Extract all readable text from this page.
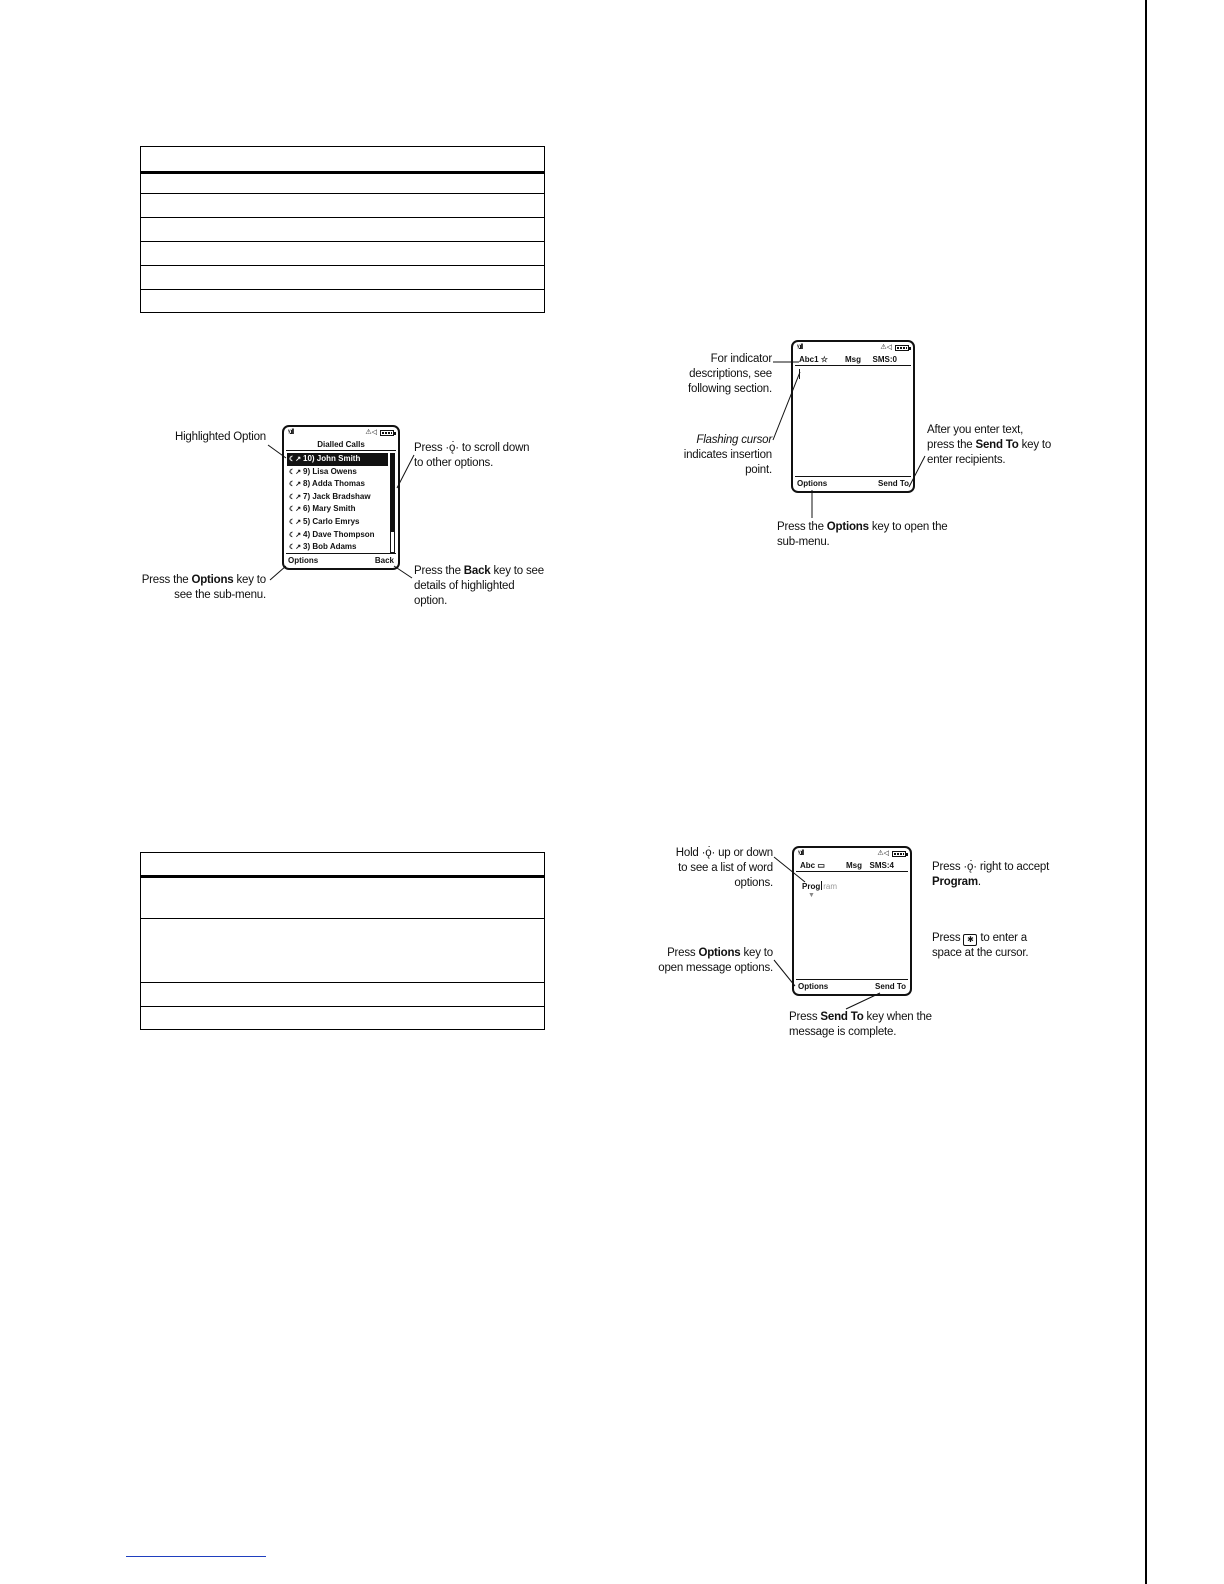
ᵞ.ıll	⚠◁
Dialled Calls
☾↗ 10) John Smith
☾↗ 9) Lisa Owens
☾↗ 8) Adda Thomas
☾↗ 7) Jack Bradshaw
☾↗ 6) Mary Smith
☾↗ 5) Carlo Emrys
☾↗ 4) Dave Thompson
☾↗ 3) Bob Adams
Options	Back
Highlighted Option
Press ·ǫ̇· to scroll down
to other options.
Press the Options key to
see the sub-menu.
Press the Back key to see
details of highlighted
option.
ᵞ.ıll	⚠◁
Abc1 ☆ Msg SMS:0
Options	Send To
For indicator
descriptions, see
following section.
Flashing cursor
indicates insertion
point.
After you enter text,
press the Send To key to
enter recipients.
Press the Options key to open the
sub-menu.
ᵞ.ıll	⚠◁
Abc ▭	Msg SMS:4
Prog ram
▼
Options	Send To
Hold ·ǫ̇· up or down
to see a list of word
options.
Press ·ǫ̇· right to accept
Program.
Press ✱ to enter a
space at the cursor.
Press Options key to
open message options.
Press Send To key when the
message is complete.
